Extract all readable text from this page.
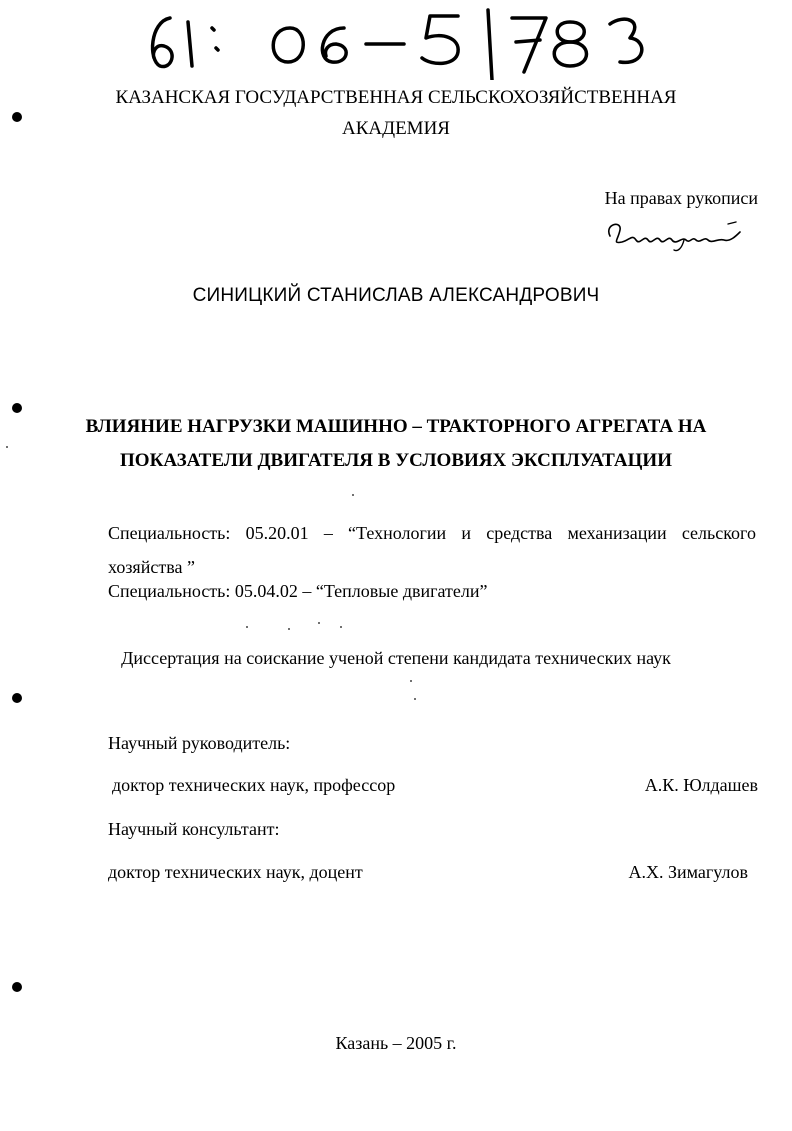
КАЗАНСКАЯ ГОСУДАРСТВЕННАЯ СЕЛЬСКОХОЗЯЙСТВЕННАЯ
АКАДЕМИЯ
На правах рукописи
СИНИЦКИЙ СТАНИСЛАВ АЛЕКСАНДРОВИЧ
ВЛИЯНИЕ НАГРУЗКИ МАШИННО – ТРАКТОРНОГО АГРЕГАТА НА
ПОКАЗАТЕЛИ ДВИГАТЕЛЯ В УСЛОВИЯХ ЭКСПЛУАТАЦИИ
Специальность: 05.20.01 – “Технологии и средства механизации сельского хозяйства ”
Специальность: 05.04.02 – “Тепловые двигатели”
Диссертация на соискание ученой степени кандидата технических наук
Научный руководитель:
доктор технических наук, профессор	А.К. Юлдашев
Научный консультант:
доктор технических наук, доцент	А.Х. Зимагулов
Казань – 2005 г.
